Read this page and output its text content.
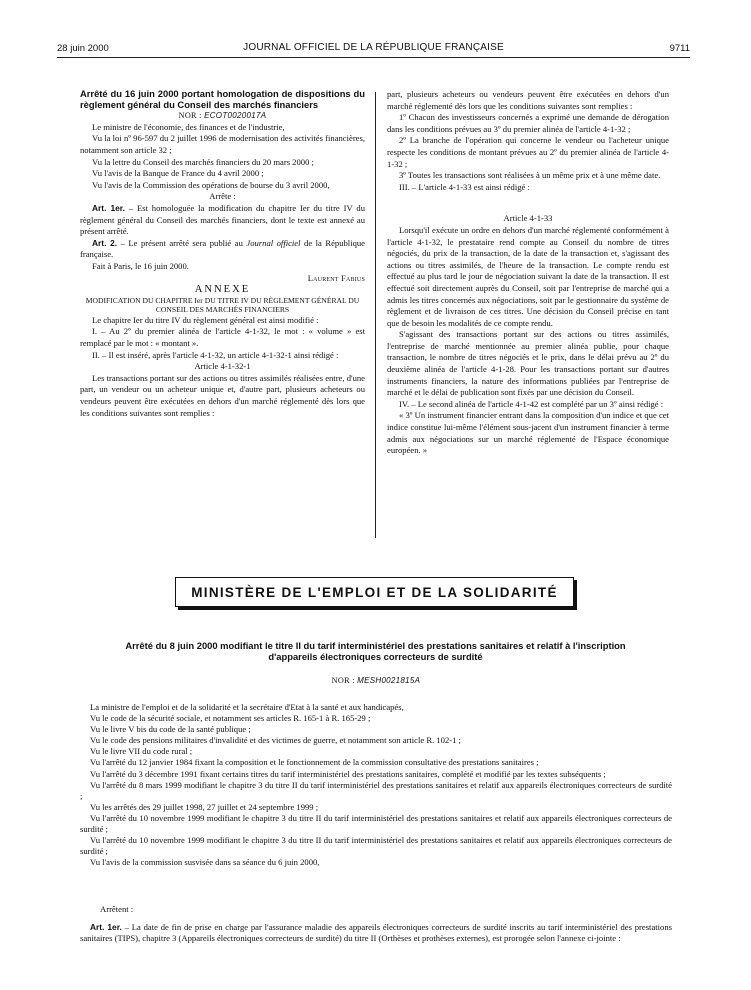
28 juin 2000	JOURNAL OFFICIEL DE LA RÉPUBLIQUE FRANÇAISE	9711

Arrêté du 16 juin 2000 portant homologation de dispositions du règlement général du Conseil des marchés financiers

NOR : ECOT0020017A

Le ministre de l'économie, des finances et de l'industrie,

Vu la loi nº 96-597 du 2 juillet 1996 de modernisation des activités financières, notamment son article 32 ;

Vu la lettre du Conseil des marchés financiers du 20 mars 2000 ;

Vu l'avis de la Banque de France du 4 avril 2000 ;

Vu l'avis de la Commission des opérations de bourse du 3 avril 2000,

Arrête :

Art. 1er. – Est homologuée la modification du chapitre Ier du titre IV du règlement général du Conseil des marchés financiers, dont le texte est annexé au présent arrêté.

Art. 2. – Le présent arrêté sera publié au Journal officiel de la République française.

Fait à Paris, le 16 juin 2000.

Laurent Fabius

ANNEXE

MODIFICATION DU CHAPITRE Ier DU TITRE IV DU RÈGLEMENT GÉNÉRAL DU CONSEIL DES MARCHÉS FINANCIERS

Le chapitre Ier du titre IV du règlement général est ainsi modifié :

I. – Au 2º du premier alinéa de l'article 4-1-32, le mot : « volume » est remplacé par le mot : « montant ».

II. – Il est inséré, après l'article 4-1-32, un article 4-1-32-1 ainsi rédigé :

Article 4-1-32-1

Les transactions portant sur des actions ou titres assimilés réalisées entre, d'une part, un vendeur ou un acheteur unique et, d'autre part, plusieurs acheteurs ou vendeurs peuvent être exécutées en dehors d'un marché réglementé dès lors que les conditions suivantes sont remplies :

part, plusieurs acheteurs ou vendeurs peuvent être exécutées en dehors d'un marché réglementé dès lors que les conditions suivantes sont remplies :

1º Chacun des investisseurs concernés a exprimé une demande de dérogation dans les conditions prévues au 3º du premier alinéa de l'article 4-1-32 ;

2º La branche de l'opération qui concerne le vendeur ou l'acheteur unique respecte les conditions de montant prévues au 2º du premier alinéa de l'article 4-1-32 ;

3º Toutes les transactions sont réalisées à un même prix et à une même date.

III. – L'article 4-1-33 est ainsi rédigé :

Article 4-1-33

Lorsqu'il exécute un ordre en dehors d'un marché réglementé conformément à l'article 4-1-32, le prestataire rend compte au Conseil du nombre de titres négociés, du prix de la transaction, de la date de la transaction et, s'agissant des actions ou titres assimilés, de l'heure de la transaction. Le compte rendu est effectué au plus tard le jour de négociation suivant la date de la transaction. Il est effectué soit directement auprès du Conseil, soit par l'entreprise de marché qui a admis les titres concernés aux négociations, soit par le gestionnaire du système de règlement et de livraison de ces titres. Une décision du Conseil précise en tant que de besoin les modalités de ce compte rendu.

S'agissant des transactions portant sur des actions ou titres assimilés, l'entreprise de marché mentionnée au premier alinéa publie, pour chaque transaction, le nombre de titres négociés et le prix, dans le délai prévu au 2º du deuxième alinéa de l'article 4-1-28. Pour les transactions portant sur d'autres instruments financiers, la nature des informations publiées par l'entreprise de marché et le délai de publication sont fixés par une décision du Conseil.

IV. – Le second alinéa de l'article 4-1-42 est complété par un 3º ainsi rédigé :

« 3º Un instrument financier entrant dans la composition d'un indice et que cet indice constitue lui-même l'élément sous-jacent d'un instrument financier à terme admis aux négociations sur un marché réglementé de l'Espace économique européen. »

MINISTÈRE DE L'EMPLOI ET DE LA SOLIDARITÉ
Arrêté du 8 juin 2000 modifiant le titre II du tarif interministériel des prestations sanitaires et relatif à l'inscription d'appareils électroniques correcteurs de surdité
NOR : MESH0021815A

La ministre de l'emploi et de la solidarité et la secrétaire d'Etat à la santé et aux handicapés,

Vu le code de la sécurité sociale, et notamment ses articles R. 165-1 à R. 165-29 ;

Vu le livre V bis du code de la santé publique ;

Vu le code des pensions militaires d'invalidité et des victimes de guerre, et notamment son article R. 102-1 ;

Vu le livre VII du code rural ;

Vu l'arrêté du 12 janvier 1984 fixant la composition et le fonctionnement de la commission consultative des prestations sanitaires ;

Vu l'arrêté du 3 décembre 1991 fixant certains titres du tarif interministériel des prestations sanitaires, complété et modifié par les textes subséquents ;

Vu l'arrêté du 8 mars 1999 modifiant le chapitre 3 du titre II du tarif interministériel des prestations sanitaires et relatif aux appareils électroniques correcteurs de surdité ;

Vu les arrêtés des 29 juillet 1998, 27 juillet et 24 septembre 1999 ;

Vu l'arrêté du 10 novembre 1999 modifiant le chapitre 3 du titre II du tarif interministériel des prestations sanitaires et relatif aux appareils électroniques correcteurs de surdité ;

Vu l'arrêté du 10 novembre 1999 modifiant le chapitre 3 du titre II du tarif interministériel des prestations sanitaires et relatif aux appareils électroniques correcteurs de surdité ;

Vu l'avis de la commission susvisée dans sa séance du 6 juin 2000,

Arrêtent :

Art. 1er. – La date de fin de prise en charge par l'assurance maladie des appareils électroniques correcteurs de surdité inscrits au tarif interministériel des prestations sanitaires (TIPS), chapitre 3 (Appareils électroniques correcteurs de surdité) du titre II (Orthèses et prothèses externes), est prorogée selon l'annexe ci-jointe :
